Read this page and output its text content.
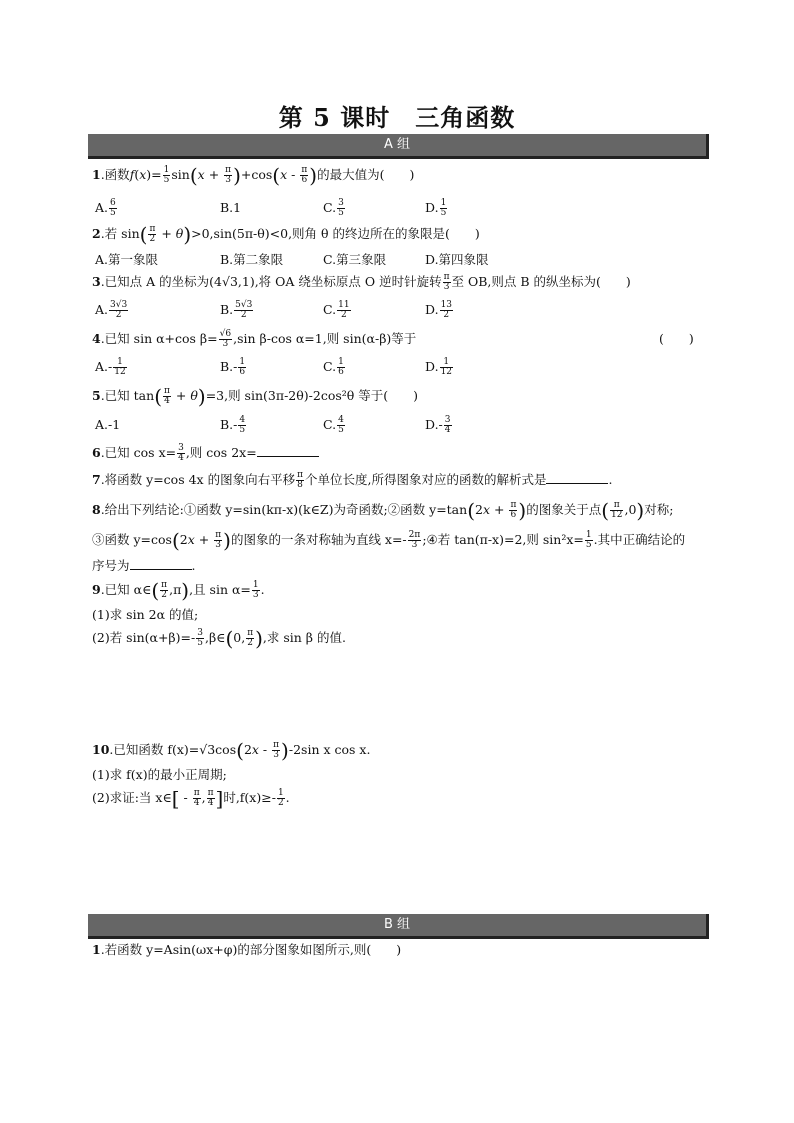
第 5 课时　三角函数
A 组
1.函数$f(x)= \frac{1}{5} \sin(x + \frac{\pi}{3} )+\cos(x - \frac{\pi}{6}$ )的最大值为(　　)
A. $\frac{6}{5}$	B.1	C. $\frac{3}{5}$	D. $\frac{1}{5}$
2.若 $\sin( \frac{\pi}{2} + \theta)>0,\sin(5\pi-\theta)<0$,则角 θ 的终边所在的象限是(　　)
A.第一象限	B.第二象限	C.第三象限	D.第四象限
3.已知点 A 的坐标为(4√3,1),将 OA 绕坐标原点 O 逆时针旋转 $\frac{\pi}{3}$ 至 OB,则点 B 的纵坐标为(　　)
A. $\frac{3√3}{2}$	B. $\frac{5√3}{2}$	C. $\frac{11}{2}$	D. $\frac{13}{2}$
4.已知 sin α+cos $\beta= \frac{√6}{3} ,\sin$ β-cos α=1,则 sin(α-β)等于	(　　)
$A.- \frac{1}{12}$	$B.- \frac{1}{6}$	C. $\frac{1}{6}$	D. $\frac{1}{12}$
5.已知 $\tan( \frac{\pi}{4} + \theta)=3$,则 sin(3π-2θ)-2cos²θ 等于(　　)
A.-1	$B.- \frac{4}{5}$	C. $\frac{4}{5}$	$D.- \frac{3}{4}$
6.已知 $\cos x= \frac{3}{4}$ ,则 cos 2x=
7.将函数 y=cos 4x 的图象向右平移 $\frac{\pi}{8}$ 个单位长度,所得图象对应的函数的解析式是	.
8.给出下列结论:①函数 y=sin(kπ-x)(k∈Z)为奇函数;②函数 $y=\tan(2x + \frac{\pi}{6}$ )的图象关于点( $\frac{\pi}{12} ,0$)对称;
③函数 $y=\cos(2x + \frac{\pi}{3}$ )的图象的一条对称轴为直线 $x=- \frac{2\pi}{3}$ ;④若 tan(π-x)=2,则 $\sin^2x= \frac{1}{5}$ .其中正确结论的
序号为	.
9.已知 α∈( $\frac{\pi}{2} ,\pi$),且 $\sin \alpha= \frac{1}{3}$ .
(1)求 sin 2α 的值;
(2)若 $\sin(\alpha+\beta)=- \frac{3}{5}$ ,β∈(0, $\frac{\pi}{2}$ ),求 sin β 的值.
10.已知函数 $f(x)=√3\cos(2x - \frac{\pi}{3} )-2\sin$ x cos x.
(1)求 f(x)的最小正周期;
(2)求证:当 x∈[ - $\frac{\pi}{4}$ , $\frac{\pi}{4}$ ]时$,f(x)\ge- \frac{1}{2}$ .
B 组
1.若函数 y=Asin(ωx+φ)的部分图象如图所示,则(　　)
